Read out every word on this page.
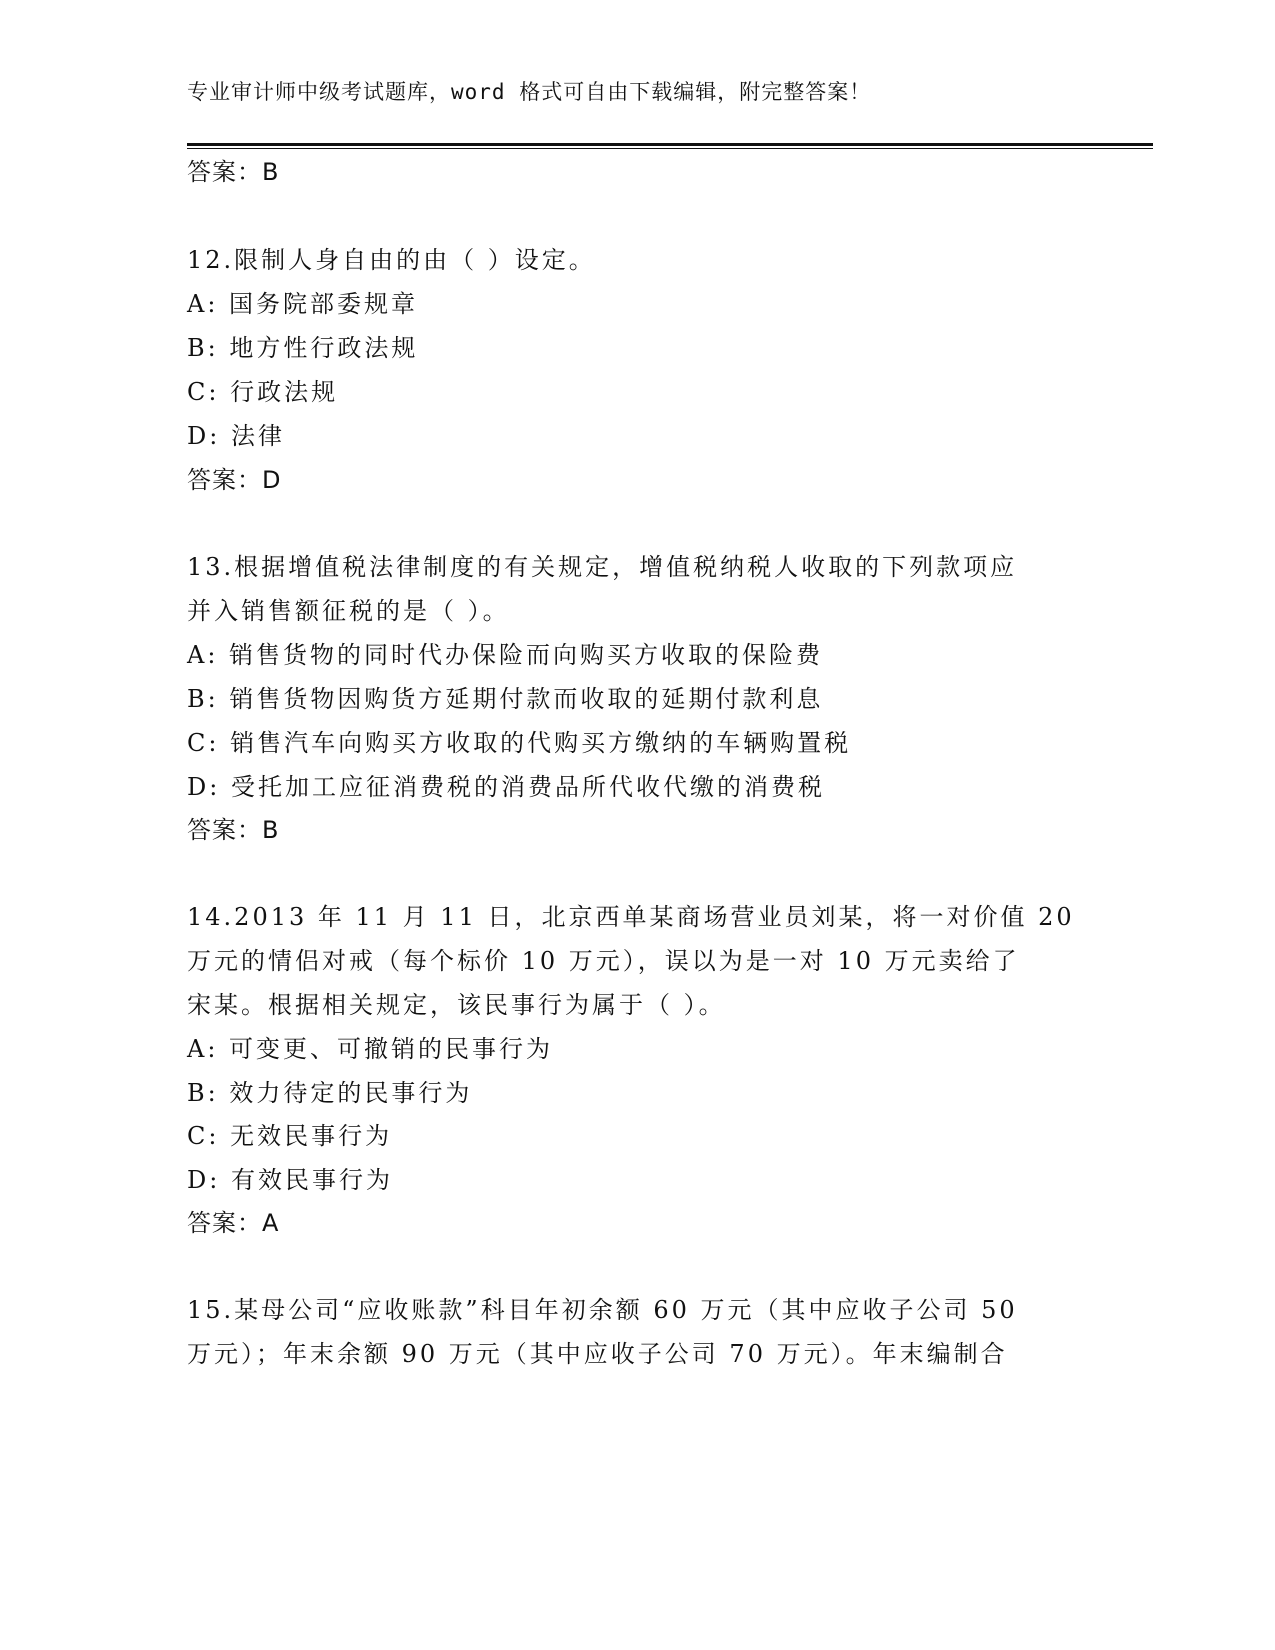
专业审计师中级考试题库，word 格式可自由下载编辑，附完整答案！
答案：B
12.限制人身自由的由（ ）设定。
A: 国务院部委规章
B: 地方性行政法规
C: 行政法规
D: 法律
答案：D
13.根据增值税法律制度的有关规定，增值税纳税人收取的下列款项应
并入销售额征税的是（ ）。
A: 销售货物的同时代办保险而向购买方收取的保险费
B: 销售货物因购货方延期付款而收取的延期付款利息
C: 销售汽车向购买方收取的代购买方缴纳的车辆购置税
D: 受托加工应征消费税的消费品所代收代缴的消费税
答案：B
14.2013 年 11 月 11 日，北京西单某商场营业员刘某，将一对价值 20
万元的情侣对戒（每个标价 10 万元），误以为是一对 10 万元卖给了
宋某。根据相关规定，该民事行为属于（ ）。
A: 可变更、可撤销的民事行为
B: 效力待定的民事行为
C: 无效民事行为
D: 有效民事行为
答案：A
15.某母公司“应收账款”科目年初余额 60 万元（其中应收子公司 50
万元）；年末余额 90 万元（其中应收子公司 70 万元）。年末编制合
